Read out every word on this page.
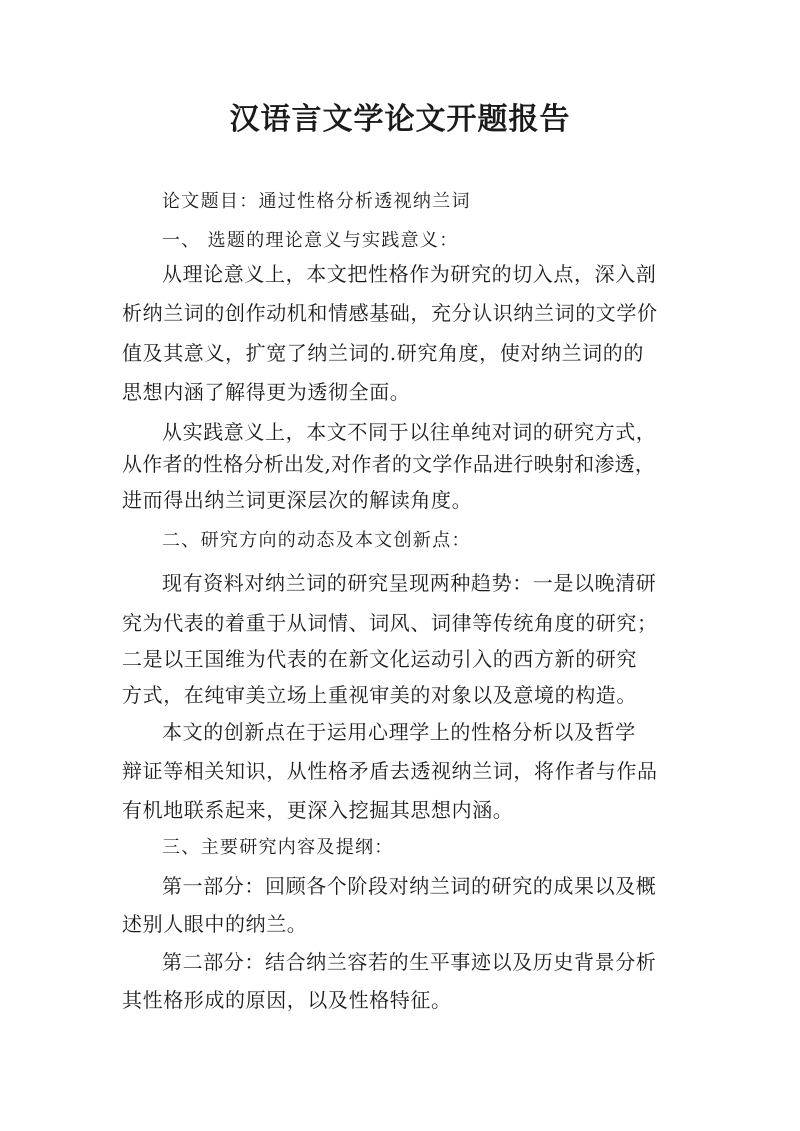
汉语言文学论文开题报告
论文题目：通过性格分析透视纳兰词
一、 选题的理论意义与实践意义：
从理论意义上，本文把性格作为研究的切入点，深入剖
析纳兰词的创作动机和情感基础，充分认识纳兰词的文学价
值及其意义，扩宽了纳兰词的.研究角度，使对纳兰词的的
思想内涵了解得更为透彻全面。
从实践意义上，本文不同于以往单纯对词的研究方式，
从作者的性格分析出发,对作者的文学作品进行映射和渗透，
进而得出纳兰词更深层次的解读角度。
二、研究方向的动态及本文创新点：
现有资料对纳兰词的研究呈现两种趋势：一是以晚清研
究为代表的着重于从词情、词风、词律等传统角度的研究；
二是以王国维为代表的在新文化运动引入的西方新的研究
方式，在纯审美立场上重视审美的对象以及意境的构造。
本文的创新点在于运用心理学上的性格分析以及哲学
辩证等相关知识，从性格矛盾去透视纳兰词，将作者与作品
有机地联系起来，更深入挖掘其思想内涵。
三、主要研究内容及提纲：
第一部分：回顾各个阶段对纳兰词的研究的成果以及概
述别人眼中的纳兰。
第二部分：结合纳兰容若的生平事迹以及历史背景分析
其性格形成的原因，以及性格特征。
